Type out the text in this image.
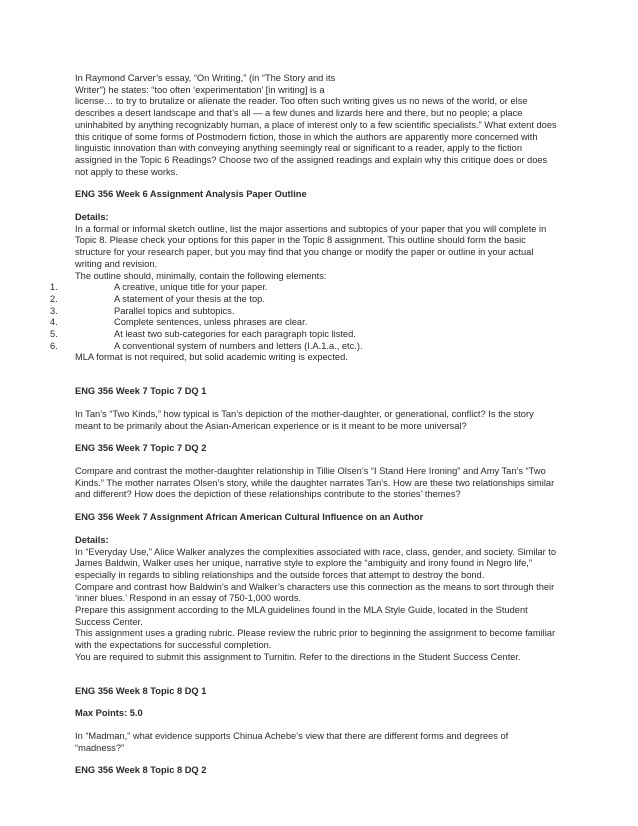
In Raymond Carver’s essay, “On Writing,” (in “The Story and its

Writer”) he states: “too often ‘experimentation’ [in writing] is a

license… to try to brutalize or alienate the reader. Too often such writing gives us no news of the world, or else

describes a desert landscape and that’s all — a few dunes and lizards here and there, but no people; a place

uninhabited by anything recognizably human, a place of interest only to a few scientific specialists.” What extent does

this critique of some forms of Postmodern fiction, those in which the authors are apparently more concerned with

linguistic innovation than with conveying anything seemingly real or significant to a reader, apply to the fiction

assigned in the Topic 6 Readings? Choose two of the assigned readings and explain why this critique does or does

not apply to these works.

ENG 356 Week 6 Assignment Analysis Paper Outline

Details:

In a formal or informal sketch outline, list the major assertions and subtopics of your paper that you will complete in

Topic 8. Please check your options for this paper in the Topic 8 assignment. This outline should form the basic

structure for your research paper, but you may find that you change or modify the paper or outline in your actual

writing and revision.

The outline should, minimally, contain the following elements:

1.	A creative, unique title for your paper.
2.	A statement of your thesis at the top.
3.	Parallel topics and subtopics.
4.	Complete sentences, unless phrases are clear.
5.	At least two sub-categories for each paragraph topic listed.
6.	A conventional system of numbers and letters (I.A.1.a., etc.).

MLA format is not required, but solid academic writing is expected.

ENG 356 Week 7 Topic 7 DQ 1

In Tan’s “Two Kinds,” how typical is Tan’s depiction of the mother-daughter, or generational, conflict? Is the story

meant to be primarily about the Asian-American experience or is it meant to be more universal?

ENG 356 Week 7 Topic 7 DQ 2

Compare and contrast the mother-daughter relationship in Tillie Olsen’s “I Stand Here Ironing” and Amy Tan’s “Two

Kinds.” The mother narrates Olsen’s story, while the daughter narrates Tan’s. How are these two relationships similar

and different? How does the depiction of these relationships contribute to the stories’ themes?

ENG 356 Week 7 Assignment African American Cultural Influence on an Author

Details:

In “Everyday Use,” Alice Walker analyzes the complexities associated with race, class, gender, and society. Similar to

James Baldwin, Walker uses her unique, narrative style to explore the “ambiguity and irony found in Negro life,”

especially in regards to sibling relationships and the outside forces that attempt to destroy the bond.

Compare and contrast how Baldwin’s and Walker’s characters use this connection as the means to sort through their

‘inner blues.’ Respond in an essay of 750-1,000 words.

Prepare this assignment according to the MLA guidelines found in the MLA Style Guide, located in the Student

Success Center.

This assignment uses a grading rubric. Please review the rubric prior to beginning the assignment to become familiar

with the expectations for successful completion.

You are required to submit this assignment to Turnitin. Refer to the directions in the Student Success Center.

ENG 356 Week 8 Topic 8 DQ 1

Max Points: 5.0

In “Madman,” what evidence supports Chinua Achebe’s view that there are different forms and degrees of

“madness?”

ENG 356 Week 8 Topic 8 DQ 2
